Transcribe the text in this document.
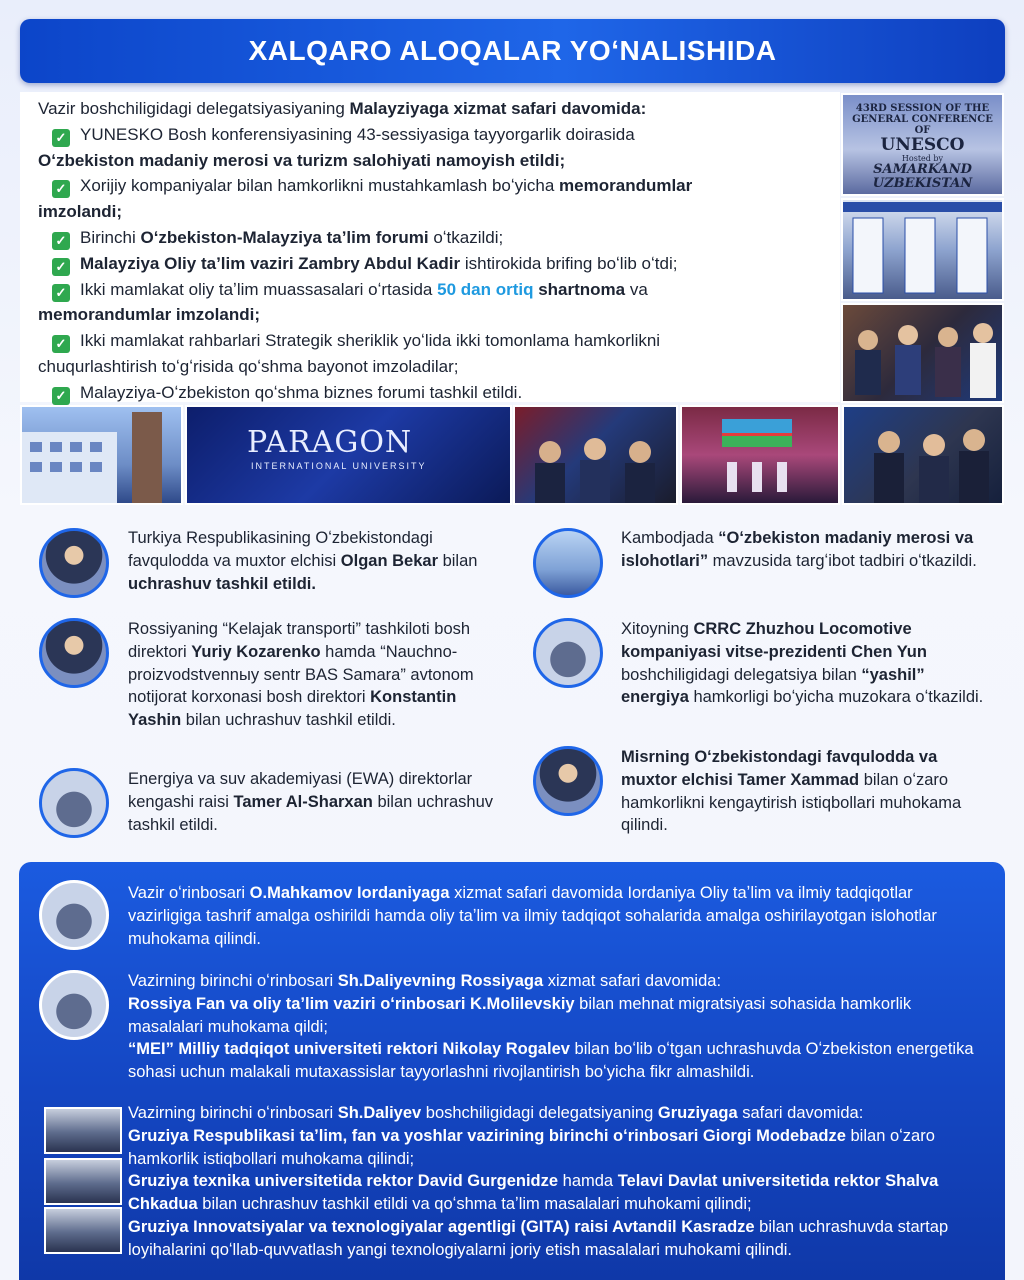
XALQARO ALOQALAR YOʻNALISHIDA

Vazir boshchiligidagi delegatsiyasiyaning Malayziyaga xizmat safari davomida:

✓ YUNESKO Bosh konferensiyasining 43-sessiyasiga tayyorgarlik doirasida

Oʻzbekiston madaniy merosi va turizm salohiyati namoyish etildi;

✓ Xorijiy kompaniyalar bilan hamkorlikni mustahkamlash boʻyicha memorandumlar

imzolandi;

✓ Birinchi Oʻzbekiston-Malayziya taʼlim forumi oʻtkazildi;

✓ Malayziya Oliy taʼlim vaziri Zambry Abdul Kadir ishtirokida brifing boʻlib oʻtdi;

✓ Ikki mamlakat oliy taʼlim muassasalari oʻrtasida 50 dan ortiq shartnoma va

memorandumlar imzolandi;

✓ Ikki mamlakat rahbarlari Strategik sheriklik yoʻlida ikki tomonlama hamkorlikni

chuqurlashtirish toʻgʻrisida qoʻshma bayonot imzoladilar;

✓ Malayziya-Oʻzbekiston qoʻshma biznes forumi tashkil etildi.

43RD SESSION OF THE GENERAL CONFERENCE OF
UNESCO
Hosted by
SAMARKAND UZBEKISTAN
PARAGON
INTERNATIONAL UNIVERSITY
Turkiya Respublikasining Oʻzbekistondagi favqulodda va muxtor elchisi Olgan Bekar bilan uchrashuv tashkil etildi.
Rossiyaning “Kelajak transporti” tashkiloti bosh direktori Yuriy Kozarenko hamda “Nauchno-proizvodstvennыy sentr BAS Samara” avtonom notijorat korxonasi bosh direktori Konstantin Yashin bilan uchrashuv tashkil etildi.
Energiya va suv akademiyasi (EWA) direktorlar kengashi raisi Tamer Al-Sharxan bilan uchrashuv tashkil etildi.
Kambodjada “Oʻzbekiston madaniy merosi va islohotlari” mavzusida targʻibot tadbiri oʻtkazildi.
Xitoyning CRRC Zhuzhou Locomotive kompaniyasi vitse-prezidenti Chen Yun boshchiligidagi delegatsiya bilan “yashil” energiya hamkorligi boʻyicha muzokara oʻtkazildi.
Misrning Oʻzbekistondagi favqulodda va muxtor elchisi Tamer Xammad bilan oʻzaro hamkorlikni kengaytirish istiqbollari muhokama qilindi.
Vazir oʻrinbosari O.Mahkamov Iordaniyaga xizmat safari davomida Iordaniya Oliy taʼlim va ilmiy tadqiqotlar vazirligiga tashrif amalga oshirildi hamda oliy taʼlim va ilmiy tadqiqot sohalarida amalga oshirilayotgan islohotlar muhokama qilindi.

Vazirning birinchi oʻrinbosari Sh.Daliyevning Rossiyaga xizmat safari davomida:

Rossiya Fan va oliy taʼlim vaziri oʻrinbosari K.Molilevskiy bilan mehnat migratsiyasi sohasida hamkorlik masalalari muhokama qildi;

“MEI” Milliy tadqiqot universiteti rektori Nikolay Rogalev bilan boʻlib oʻtgan uchrashuvda Oʻzbekiston energetika sohasi uchun malakali mutaxassislar tayyorlashni rivojlantirish boʻyicha fikr almashildi.

Vazirning birinchi oʻrinbosari Sh.Daliyev boshchiligidagi delegatsiyaning Gruziyaga safari davomida:

Gruziya Respublikasi taʼlim, fan va yoshlar vazirining birinchi oʻrinbosari Giorgi Modebadze bilan oʻzaro hamkorlik istiqbollari muhokama qilindi;

Gruziya texnika universitetida rektor David Gurgenidze hamda Telavi Davlat universitetida rektor Shalva Chkadua bilan uchrashuv tashkil etildi va qoʻshma taʼlim masalalari muhokami qilindi;

Gruziya Innovatsiyalar va texnologiyalar agentligi (GITA) raisi Avtandil Kasradze bilan uchrashuvda startap loyihalarini qoʻllab-quvvatlash yangi texnologiyalarni joriy etish masalalari muhokami qilindi.
